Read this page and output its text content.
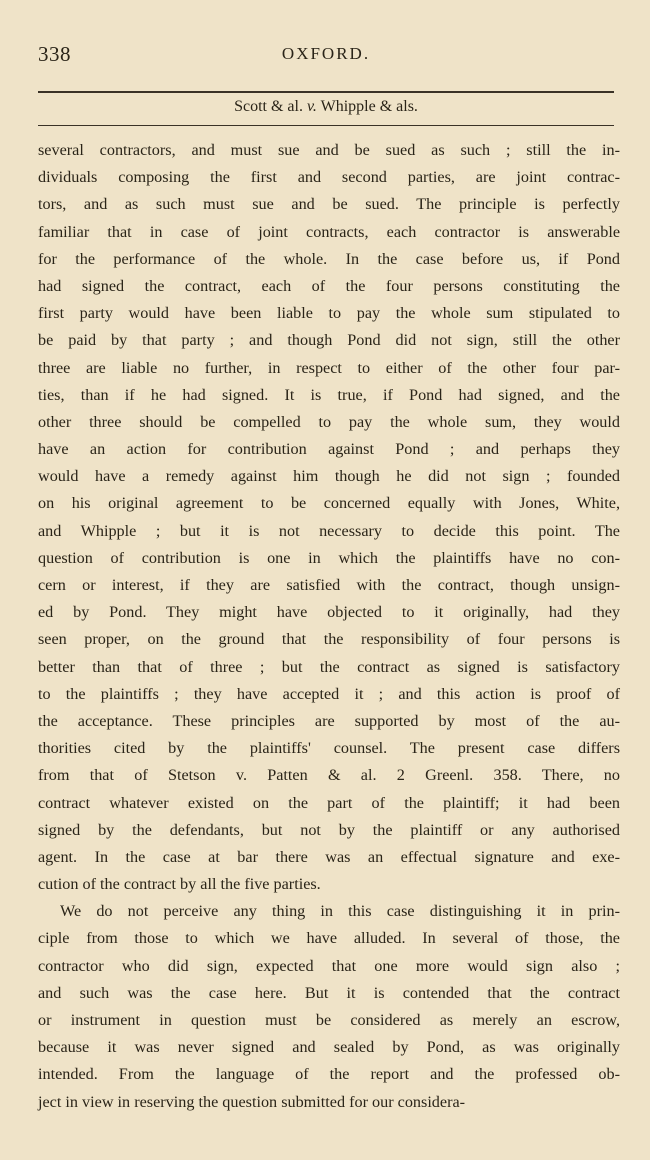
338	OXFORD.
Scott & al. v. Whipple & als.
several contractors, and must sue and be sued as such ; still the in-
dividuals composing the first and second parties, are joint contrac-
tors, and as such must sue and be sued. The principle is perfectly
familiar that in case of joint contracts, each contractor is answerable
for the performance of the whole. In the case before us, if Pond
had signed the contract, each of the four persons constituting the
first party would have been liable to pay the whole sum stipulated to
be paid by that party ; and though Pond did not sign, still the other
three are liable no further, in respect to either of the other four par-
ties, than if he had signed. It is true, if Pond had signed, and the
other three should be compelled to pay the whole sum, they would
have an action for contribution against Pond ; and perhaps they
would have a remedy against him though he did not sign ; founded
on his original agreement to be concerned equally with Jones, White,
and Whipple ; but it is not necessary to decide this point. The
question of contribution is one in which the plaintiffs have no con-
cern or interest, if they are satisfied with the contract, though unsign-
ed by Pond. They might have objected to it originally, had they
seen proper, on the ground that the responsibility of four persons is
better than that of three ; but the contract as signed is satisfactory
to the plaintiffs ; they have accepted it ; and this action is proof of
the acceptance. These principles are supported by most of the au-
thorities cited by the plaintiffs' counsel. The present case differs
from that of Stetson v. Patten & al. 2 Greenl. 358. There, no
contract whatever existed on the part of the plaintiff; it had been
signed by the defendants, but not by the plaintiff or any authorised
agent. In the case at bar there was an effectual signature and exe-
cution of the contract by all the five parties.
We do not perceive any thing in this case distinguishing it in prin-
ciple from those to which we have alluded. In several of those, the
contractor who did sign, expected that one more would sign also ;
and such was the case here. But it is contended that the contract
or instrument in question must be considered as merely an escrow,
because it was never signed and sealed by Pond, as was originally
intended. From the language of the report and the professed ob-
ject in view in reserving the question submitted for our considera-
